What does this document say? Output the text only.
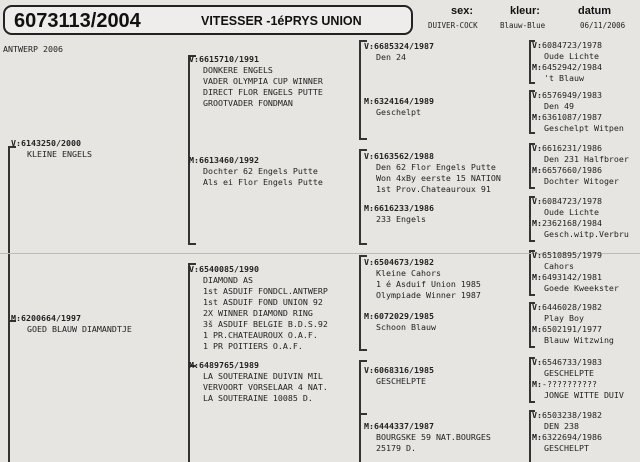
6073113/2004	VITESSER -1éPRYS UNION
sex:	kleur:	datum
DUIVER-COCK	Blauw-Blue	06/11/2006
ANTWERP 2006
V:6143250/2000
KLEINE ENGELS
M:6200664/1997
GOED BLAUW DIAMANDTJE
V:6615710/1991

DONKERE ENGELS
VADER OLYMPIA CUP WINNER
DIRECT FLOR ENGELS PUTTE
GROOTVADER FONDMAN
M:6613460/1992

Dochter 62 Engels Putte
Als ei Flor Engels Putte
V:6540085/1990

DIAMOND AS
1st ASDUIF FONDCL.ANTWERP
1st ASDUIF FOND UNION 92
2X WINNER DIAMOND RING
3š ASDUIF BELGIE B.D.S.92
1 PR.CHATEAUROUX O.A.F.
1 PR POITIERS O.A.F.
M:6489765/1989

LA SOUTERAINE DUIVIN MIL
VERVOORT VORSELAAR 4 NAT.
LA SOUTERAINE 10085 D.
V:6685324/1987
Den 24
M:6324164/1989
Geschelpt
V:6163562/1988

Den 62 Flor Engels Putte
Won 4xBy eerste 15 NATION
1st Prov.Chateauroux 91
M:6616233/1986
233 Engels
V:6504673/1982

Kleine Cahors
1 é Asduif Union 1985
Olympiade Winner 1987
M:6072029/1985
Schoon Blauw
V:6068316/1985
GESCHELPTE
M:6444337/1987

BOURGSKE 59 NAT.BOURGES
25179 D.
V:6084723/1978
Oude Lichte
M:6452942/1984
't Blauw
V:6576949/1983
Den 49
M:6361087/1987
Geschelpt Witpen
V:6616231/1986
Den 231 Halfbroer
M:6657660/1986
Dochter Witoger
V:6084723/1978
Oude Lichte
M:2362168/1984
Gesch.witp.Verbru
V:6510895/1979
Cahors
M:6493142/1981
Goede Kweekster
V:6446028/1982
Play Boy
M:6502191/1977
Blauw Witzwing
V:6546733/1983
GESCHELPTE
M:-??????????
JONGE WITTE DUIV
V:6503238/1982
DEN 238
M:6322694/1986
GESCHELPT
